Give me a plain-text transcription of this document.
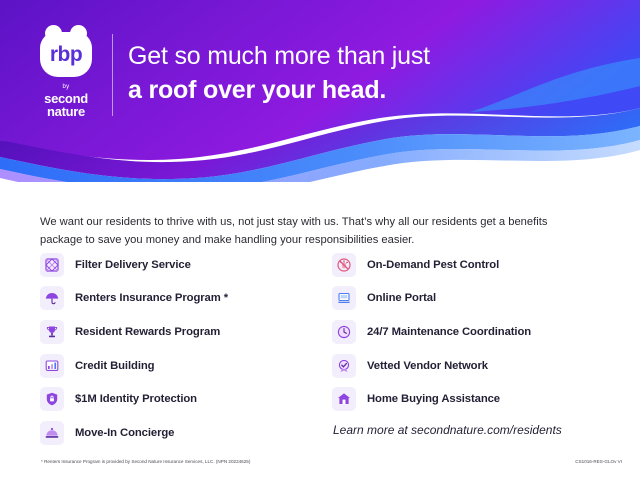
rbp
by
second
nature
Get so much more than just
a roof over your head.

We want our residents to thrive with us, not just stay with us. That’s why all our residents get a benefits package to save you money and make handling your responsibilities easier.

Filter Delivery Service	On-Demand Pest Control
Renters Insurance Program *	Online Portal
Resident Rewards Program	24/7 Maintenance Coordination
Credit Building	Vetted Vendor Network
$1M Identity Protection	Home Buying Assistance
Move-In Concierge	Learn more at secondnature.com/residents
* Renters Insurance Program is provided by Second Nature Insurance Services, LLC. (NPN 20224625)	CS1016-RES-GLOv VI
